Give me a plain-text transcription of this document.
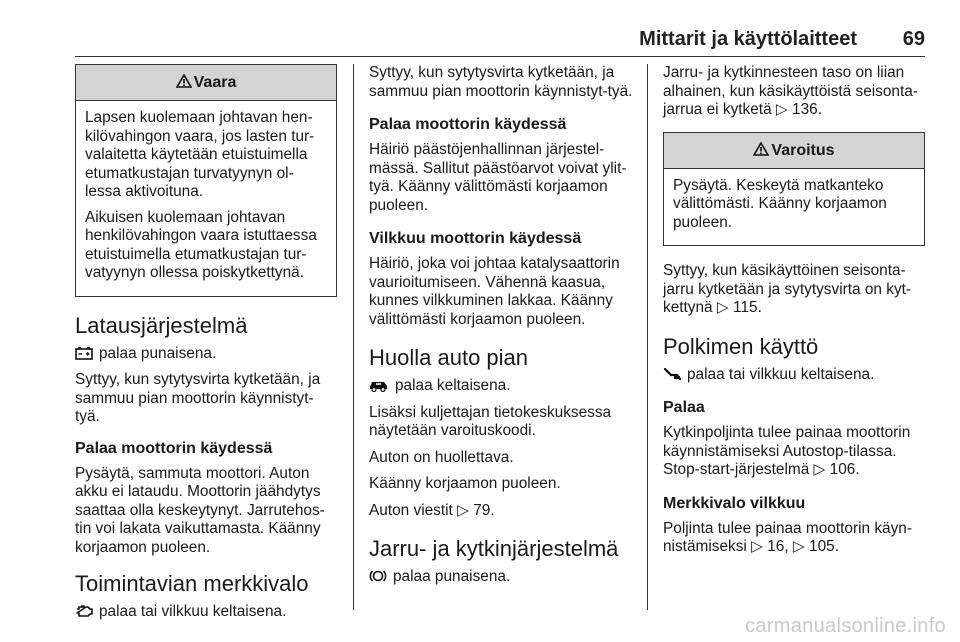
Mittarit ja käyttölaitteet 69
Vaara

Lapsen kuolemaan johtavan hen‐kilövahingon vaara, jos lasten tur‐valaitetta käytetään etuistuimella etumatkustajan turvatyynyn ol‐lessa aktivoituna.

Aikuisen kuolemaan johtavan henkilövahingon vaara istuttaessa etuistuimella etumatkustajan tur‐vatyynyn ollessa poiskytkettynä.

Latausjärjestelmä

palaa punaisena.

Syttyy, kun sytytysvirta kytketään, ja sammuu pian moottorin käynnistyt‐tyä.

Palaa moottorin käydessä

Pysäytä, sammuta moottori. Auton akku ei lataudu. Moottorin jäähdytys saattaa olla keskeytynyt. Jarrutehos‐tin voi lakata vaikuttamasta. Käänny korjaamon puoleen.

Toimintavian merkkivalo

palaa tai vilkkuu keltaisena.

Syttyy, kun sytytysvirta kytketään, ja sammuu pian moottorin käynnistyt‐tyä.

Palaa moottorin käydessä

Häiriö päästöjenhallinnan järjestel‐mässä. Sallitut päästöarvot voivat ylit‐tyä. Käänny välittömästi korjaamon puoleen.

Vilkkuu moottorin käydessä

Häiriö, joka voi johtaa katalysaattorin vaurioitumiseen. Vähennä kaasua, kunnes vilkkuminen lakkaa. Käänny välittömästi korjaamon puoleen.

Huolla auto pian

palaa keltaisena.

Lisäksi kuljettajan tietokeskuksessa näytetään varoituskoodi.

Auton on huollettava.

Käänny korjaamon puoleen.

Auton viestit ▷ 79.

Jarru- ja kytkinjärjestelmä

palaa punaisena.

Jarru- ja kytkinnesteen taso on liian alhainen, kun käsikäyttöistä seisonta‐jarrua ei kytketä ▷ 136.

Varoitus

Pysäytä. Keskeytä matkanteko välittömästi. Käänny korjaamon puoleen.

Syttyy, kun käsikäyttöinen seisonta‐jarru kytketään ja sytytysvirta on kyt‐kettynä ▷ 115.

Polkimen käyttö

palaa tai vilkkuu keltaisena.

Palaa

Kytkinpoljinta tulee painaa moottorin käynnistämiseksi Autostop-tilassa. Stop-start-järjestelmä ▷ 106.

Merkkivalo vilkkuu

Poljinta tulee painaa moottorin käyn‐nistämiseksi ▷ 16, ▷ 105.

carmanualsonline.info
